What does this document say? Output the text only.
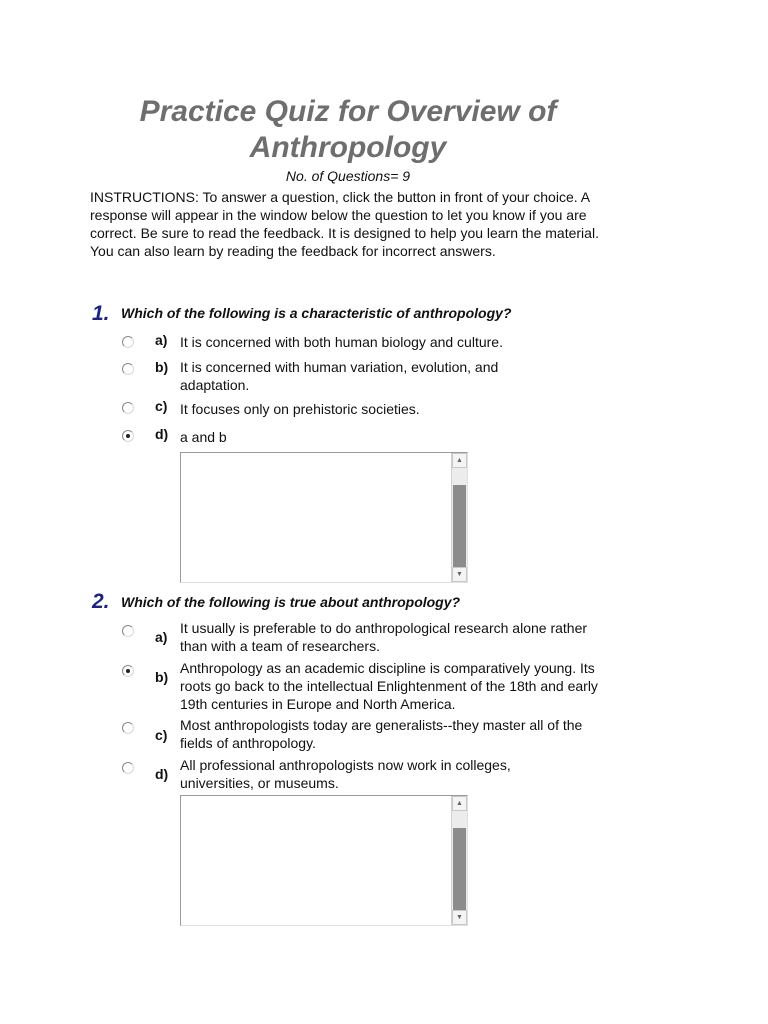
Practice Quiz for Overview of Anthropology
No. of Questions= 9

INSTRUCTIONS: To answer a question, click the button in front of your choice. A response will appear in the window below the question to let you know if you are correct. Be sure to read the feedback. It is designed to help you learn the material. You can also learn by reading the feedback for incorrect answers.

1. Which of the following is a characteristic of anthropology?
a) It is concerned with both human biology and culture.
b) It is concerned with human variation, evolution, and adaptation.
c) It focuses only on prehistoric societies.
d) a and b
▲
▼
2. Which of the following is true about anthropology?
a)
It usually is preferable to do anthropological research alone rather than with a team of researchers.
b)
Anthropology as an academic discipline is comparatively young. Its roots go back to the intellectual Enlightenment of the 18th and early 19th centuries in Europe and North America.
c)
Most anthropologists today are generalists--they master all of the fields of anthropology.
d)
All professional anthropologists now work in colleges, universities, or museums.
▲
▼
